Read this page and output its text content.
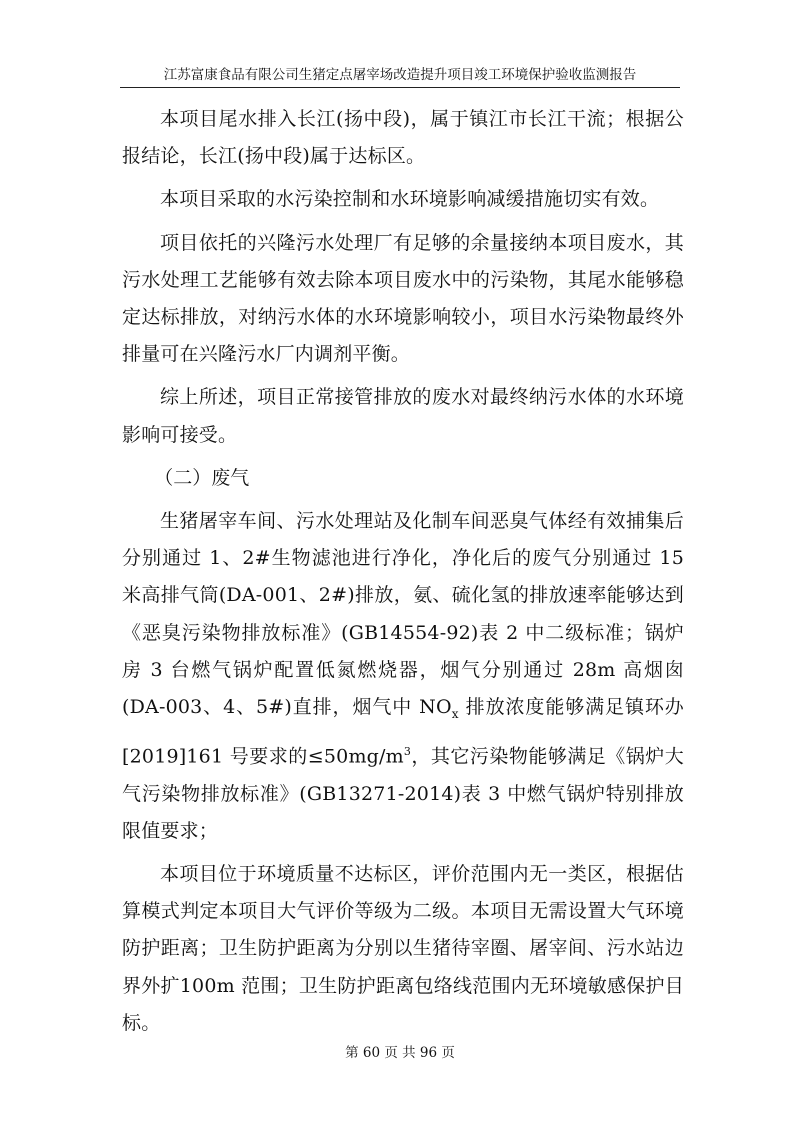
江苏富康食品有限公司生猪定点屠宰场改造提升项目竣工环境保护验收监测报告

本项目尾水排入长江(扬中段)，属于镇江市长江干流；根据公报结论，长江(扬中段)属于达标区。

本项目采取的水污染控制和水环境影响减缓措施切实有效。

项目依托的兴隆污水处理厂有足够的余量接纳本项目废水，其污水处理工艺能够有效去除本项目废水中的污染物，其尾水能够稳定达标排放，对纳污水体的水环境影响较小，项目水污染物最终外排量可在兴隆污水厂内调剂平衡。

综上所述，项目正常接管排放的废水对最终纳污水体的水环境影响可接受。

（二）废气

生猪屠宰车间、污水处理站及化制车间恶臭气体经有效捕集后分别通过 1、2#生物滤池进行净化，净化后的废气分别通过 15 米高排气筒(DA-001、2#)排放，氨、硫化氢的排放速率能够达到《恶臭污染物排放标准》(GB14554-92)表 2 中二级标准；锅炉房 3 台燃气锅炉配置低氮燃烧器，烟气分别通过 28m 高烟囱(DA-003、4、5#)直排，烟气中 $NO_x$ 排放浓度能够满足镇环办[2019]161 号要求的$\le 50mg/m^3$，其它污染物能够满足《锅炉大气污染物排放标准》(GB13271-2014)表 3 中燃气锅炉特别排放限值要求；

本项目位于环境质量不达标区，评价范围内无一类区，根据估算模式判定本项目大气评价等级为二级。本项目无需设置大气环境防护距离；卫生防护距离为分别以生猪待宰圈、屠宰间、污水站边界外扩100m 范围；卫生防护距离包络线范围内无环境敏感保护目标。

第 60 页 共 96 页
